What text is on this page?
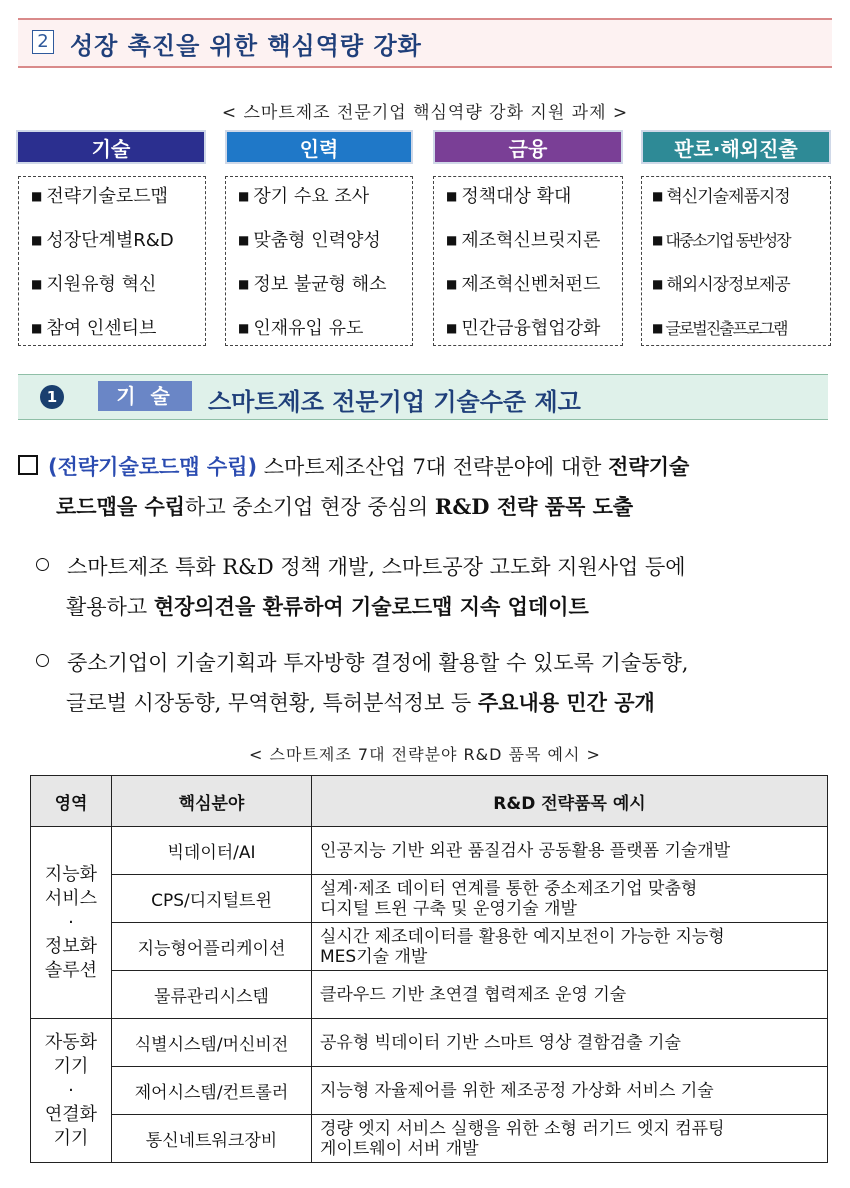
2 성장 촉진을 위한 핵심역량 강화
< 스마트제조 전문기업 핵심역량 강화 지원 과제 >
기술
■ 전략기술로드맵
■ 성장단계별R&D
■ 지원유형 혁신
■ 참여 인센티브
인력
■ 장기 수요 조사
■ 맞춤형 인력양성
■ 정보 불균형 해소
■ 인재유입 유도
금융
■ 정책대상 확대
■ 제조혁신브릿지론
■ 제조혁신벤처펀드
■ 민간금융협업강화
판로·해외진출
■ 혁신기술제품지정
■ 대중소기업 동반성장
■ 해외시장정보제공
■ 글로벌진출프로그램
1	기 술	스마트제조 전문기업 기술수준 제고
(전략기술로드맵 수립) 스마트제조산업 7대 전략분야에 대한 전략기술
로드맵을 수립하고 중소기업 현장 중심의 R&D 전략 품목 도출
스마트제조 특화 R&D 정책 개발, 스마트공장 고도화 지원사업 등에
활용하고 현장의견을 환류하여 기술로드맵 지속 업데이트
중소기업이 기술기획과 투자방향 결정에 활용할 수 있도록 기술동향,
글로벌 시장동향, 무역현황, 특허분석정보 등 주요내용 민간 공개
< 스마트제조 7대 전략분야 R&D 품목 예시 >
영역	핵심분야	R&D 전략품목 예시

지능화
서비스
·
정보화
솔루션	빅데이터/AI	인공지능 기반 외관 품질검사 공동활용 플랫폼 기술개발

	CPS/디지털트윈	설계·제조 데이터 연계를 통한 중소제조기업 맞춤형
디지털 트윈 구축 및 운영기술 개발

	지능형어플리케이션	실시간 제조데이터를 활용한 예지보전이 가능한 지능형
MES기술 개발

	물류관리시스템	클라우드 기반 초연결 협력제조 운영 기술

자동화
기기
·
연결화
기기	식별시스템/머신비전	공유형 빅데이터 기반 스마트 영상 결함검출 기술

	제어시스템/컨트롤러	지능형 자율제어를 위한 제조공정 가상화 서비스 기술

	통신네트워크장비	경량 엣지 서비스 실행을 위한 소형 러기드 엣지 컴퓨팅
게이트웨이 서버 개발
